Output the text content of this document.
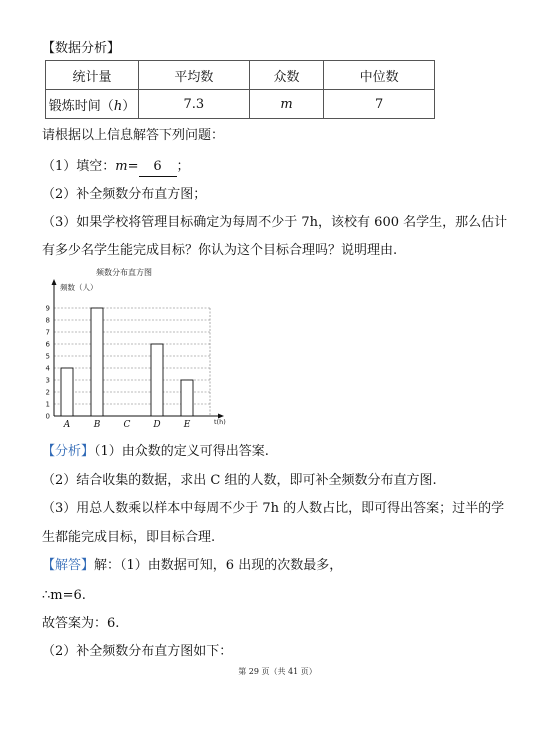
【数据分析】
统计量	平均数	众数	中位数
锻炼时间（h）	7.3	m	7
请根据以上信息解答下列问题：
（1）填空：m= 6 ；
（2）补全频数分布直方图；
（3）如果学校将管理目标确定为每周不少于 7h，该校有 600 名学生，那么估计
有多少名学生能完成目标？你认为这个目标合理吗？说明理由.
频数分布直方图
频数（人）
0
1
2
3
4
5
6
7
8
9
t(h)
A	B	C	D	E
【分析】（1）由众数的定义可得出答案.
（2）结合收集的数据，求出 C 组的人数，即可补全频数分布直方图.
（3）用总人数乘以样本中每周不少于 7h 的人数占比，即可得出答案；过半的学
生都能完成目标，即目标合理.
【解答】解：（1）由数据可知，6 出现的次数最多，
∴m=6.
故答案为：6.
（2）补全频数分布直方图如下：
第 29 页（共 41 页）
